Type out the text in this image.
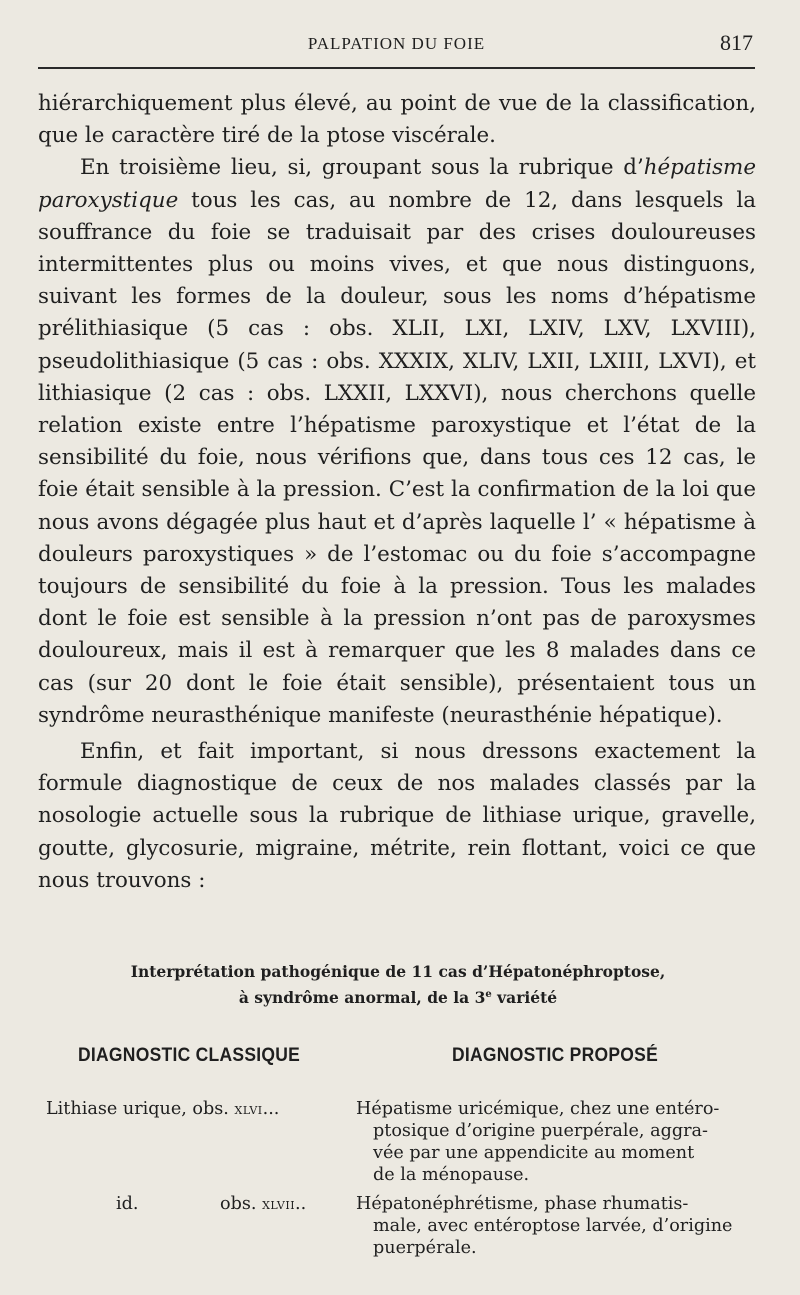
PALPATION DU FOIE	817

hiérarchiquement plus élevé, au point de vue de la classification, que le caractère tiré de la ptose viscérale.

En troisième lieu, si, groupant sous la rubrique d’hépatisme paroxystique tous les cas, au nombre de 12, dans lesquels la souffrance du foie se traduisait par des crises douloureuses intermittentes plus ou moins vives, et que nous distinguons, suivant les formes de la douleur, sous les noms d’hépatisme prélithiasique (5 cas : obs. XLII, LXI, LXIV, LXV, LXVIII), pseudolithiasique (5 cas : obs. XXXIX, XLIV, LXII, LXIII, LXVI), et lithiasique (2 cas : obs. LXXII, LXXVI), nous cherchons quelle relation existe entre l’hépatisme paroxystique et l’état de la sensibilité du foie, nous vérifions que, dans tous ces 12 cas, le foie était sensible à la pression. C’est la confirmation de la loi que nous avons dégagée plus haut et d’après laquelle l’ « hépatisme à douleurs paroxystiques » de l’estomac ou du foie s’accompagne toujours de sensibilité du foie à la pression. Tous les malades dont le foie est sensible à la pression n’ont pas de paroxysmes douloureux, mais il est à remarquer que les 8 malades dans ce cas (sur 20 dont le foie était sensible), présentaient tous un syndrôme neurasthénique manifeste (neurasthénie hépatique).

Enfin, et fait important, si nous dressons exactement la formule diagnostique de ceux de nos malades classés par la nosologie actuelle sous la rubrique de lithiase urique, gravelle, goutte, glycosurie, migraine, métrite, rein flottant, voici ce que nous trouvons :

Interprétation pathogénique de 11 cas d’Hépatonéphroptose,
à syndrôme anormal, de la 3e variété
DIAGNOSTIC CLASSIQUE	DIAGNOSTIC PROPOSÉ
Lithiase urique, obs. xlvi...	Hépatisme uricémique, chez une entéro-
ptosique d’origine puerpérale, aggra-
vée par une appendicite au moment
de la ménopause.
id.	obs. xlvii..	Hépatonéphrétisme, phase rhumatis-
male, avec entéroptose larvée, d’origine
puerpérale.
